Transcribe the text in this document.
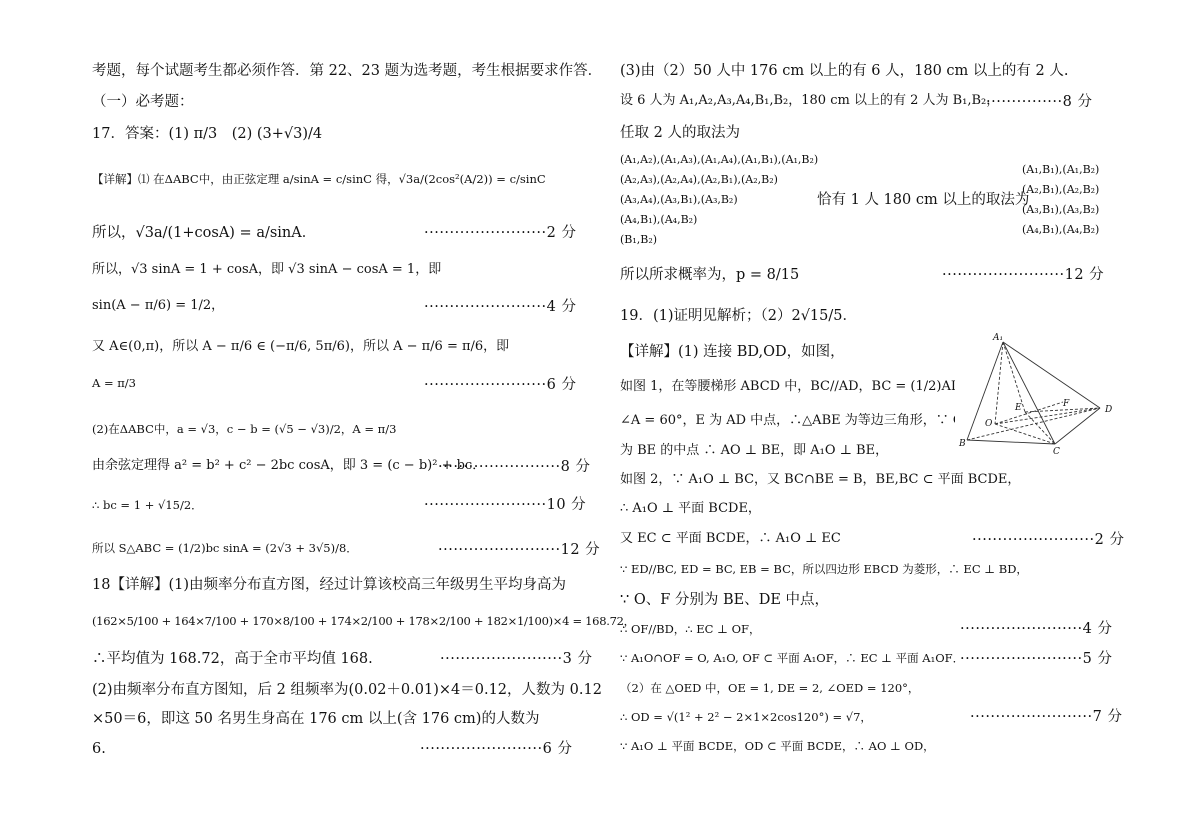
考题，每个试题考生都必须作答．第 22、23 题为选考题，考生根据要求作答．
（一）必考题：
17．答案：(1) π/3　(2) (3+√3)/4
【详解】⑴ 在ΔABC中，由正弦定理 a/sinA = c/sinC 得，√3a/(2cos²(A/2)) = c/sinC
所以，√3a/(1+cosA) = a/sinA．
所以，√3 sinA = 1 + cosA，即 √3 sinA − cosA = 1，即
sin(A − π/6) = 1/2，
又 A∈(0,π)，所以 A − π/6 ∈ (−π/6, 5π/6)，所以 A − π/6 = π/6，即
A = π/3
(2)在ΔABC中，a = √3，c − b = (√5 − √3)/2，A = π/3
由余弦定理得 a² = b² + c² − 2bc cosA，即 3 = (c − b)² + bc．
∴ bc = 1 + √15/2．
所以 S△ABC = (1/2)bc sinA = (2√3 + 3√5)/8．
18【详解】(1)由频率分布直方图，经过计算该校高三年级男生平均身高为
(162×5/100 + 164×7/100 + 170×8/100 + 174×2/100 + 178×2/100 + 182×1/100)×4 = 168.72，
∴平均值为 168.72，高于全市平均值 168.
(2)由频率分布直方图知，后 2 组频率为(0.02＋0.01)×4＝0.12，人数为 0.12
×50＝6，即这 50 名男生身高在 176 cm 以上(含 176 cm)的人数为
6.
························2 分
························4 分
························6 分
························8 分
························10 分
························12 分
························3 分
························6 分
(3)由（2）50 人中 176 cm 以上的有 6 人，180 cm 以上的有 2 人.
设 6 人为 A₁,A₂,A₃,A₄,B₁,B₂，180 cm 以上的有 2 人为 B₁,B₂，
任取 2 人的取法为
(A₁,A₂),(A₁,A₃),(A₁,A₄),(A₁,B₁),(A₁,B₂)
(A₂,A₃),(A₂,A₄),(A₂,B₁),(A₂,B₂)
(A₃,A₄),(A₃,B₁),(A₃,B₂)
(A₄,B₁),(A₄,B₂)
(B₁,B₂)
恰有 1 人 180 cm 以上的取法为
(A₁,B₁),(A₁,B₂)
(A₂,B₁),(A₂,B₂)
(A₃,B₁),(A₃,B₂)
(A₄,B₁),(A₄,B₂)
所以所求概率为，p = 8/15
19．(1)证明见解析；（2）2√15/5．
【详解】(1) 连接 BD,OD，如图，
如图 1，在等腰梯形 ABCD 中，BC//AD，BC = (1/2)AD = 2，
∠A = 60°，E 为 AD 中点，∴△ABE 为等边三角形，∵ O
为 BE 的中点 ∴ AO ⊥ BE，即 A₁O ⊥ BE，
如图 2，∵ A₁O ⊥ BC，又 BC∩BE = B，BE,BC ⊂ 平面 BCDE，
∴ A₁O ⊥ 平面 BCDE，
又 EC ⊂ 平面 BCDE，∴ A₁O ⊥ EC
∵ ED//BC, ED = BC, EB = BC，所以四边形 EBCD 为菱形，∴ EC ⊥ BD，
∵ O、F 分别为 BE、DE 中点，
∴ OF//BD，∴ EC ⊥ OF，
∵ A₁O∩OF = O, A₁O, OF ⊂ 平面 A₁OF，∴ EC ⊥ 平面 A₁OF．
（2）在 △OED 中，OE = 1, DE = 2, ∠OED = 120°，
∴ OD = √(1² + 2² − 2×1×2cos120°) = √7，
∵ A₁O ⊥ 平面 BCDE，OD ⊂ 平面 BCDE，∴ AO ⊥ OD，
···············8 分
························12 分
························2 分
························4 分
························5 分
························7 分
A₁
E	F
D
O
B
C
